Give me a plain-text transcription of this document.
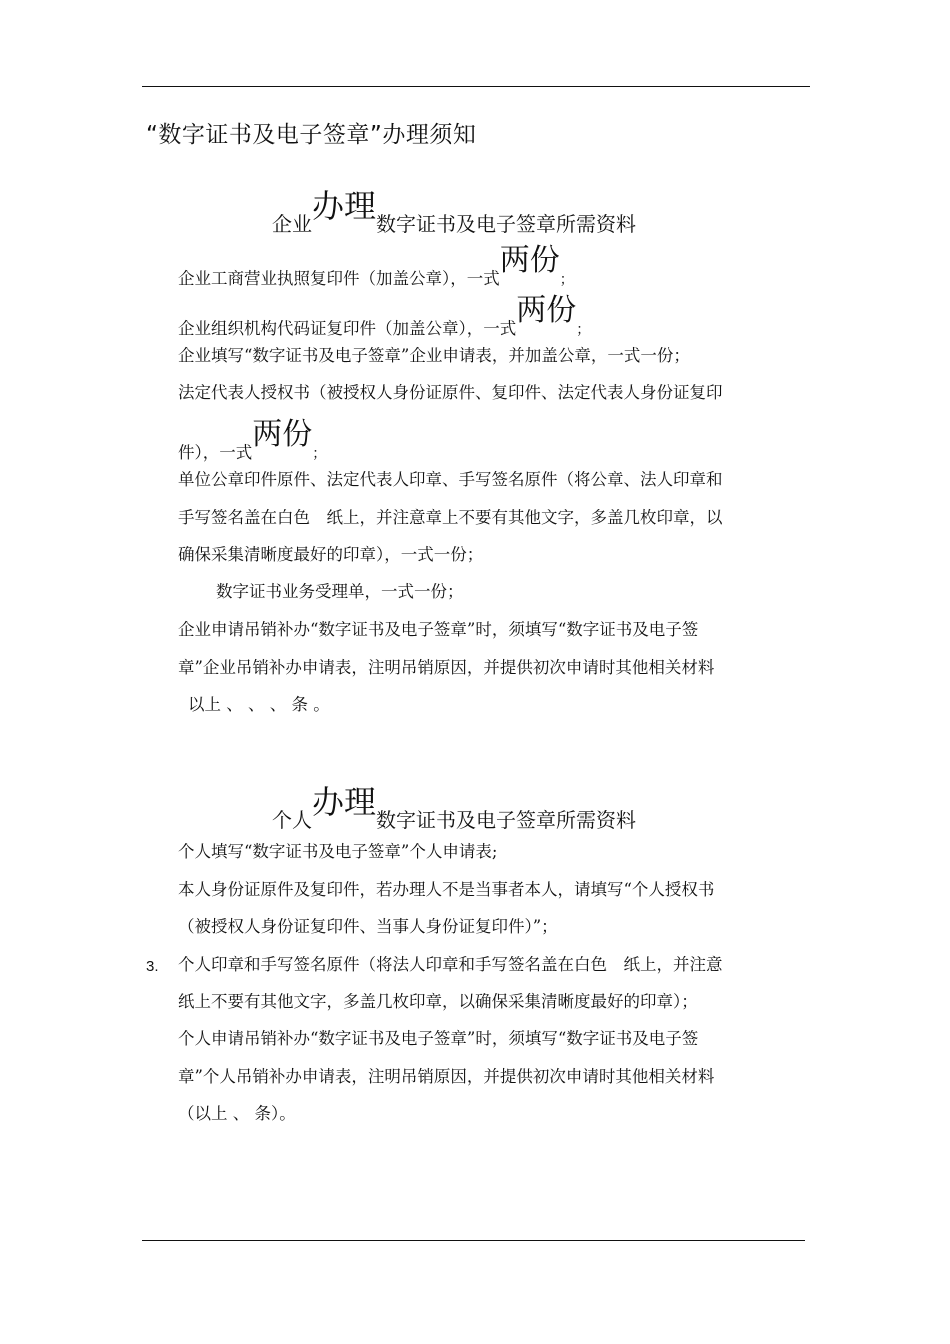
“数字证书及电子签章”办理须知
企业办理数字证书及电子签章所需资料
企业工商营业执照复印件（加盖公章），一式两份；
企业组织机构代码证复印件（加盖公章），一式两份；
企业填写“数字证书及电子签章”企业申请表，并加盖公章，一式一份；
法定代表人授权书（被授权人身份证原件、复印件、法定代表人身份证复印
件），一式两份；
单位公章印件原件、法定代表人印章、手写签名原件（将公章、法人印章和
手写签名盖在白色　纸上，并注意章上不要有其他文字，多盖几枚印章，以
确保采集清晰度最好的印章），一式一份；
数字证书业务受理单，一式一份；
企业申请吊销补办“数字证书及电子签章”时，须填写“数字证书及电子签
章”企业吊销补办申请表，注明吊销原因，并提供初次申请时其他相关材料
以上 、 、 、 条 。
个人办理数字证书及电子签章所需资料
个人填写“数字证书及电子签章”个人申请表;
本人身份证原件及复印件，若办理人不是当事者本人，请填写“个人授权书
（被授权人身份证复印件、当事人身份证复印件）”；
3. 个人印章和手写签名原件（将法人印章和手写签名盖在白色　纸上，并注意
纸上不要有其他文字，多盖几枚印章，以确保采集清晰度最好的印章）；
个人申请吊销补办“数字证书及电子签章”时，须填写“数字证书及电子签
章”个人吊销补办申请表，注明吊销原因，并提供初次申请时其他相关材料
（以上 、 条）。
